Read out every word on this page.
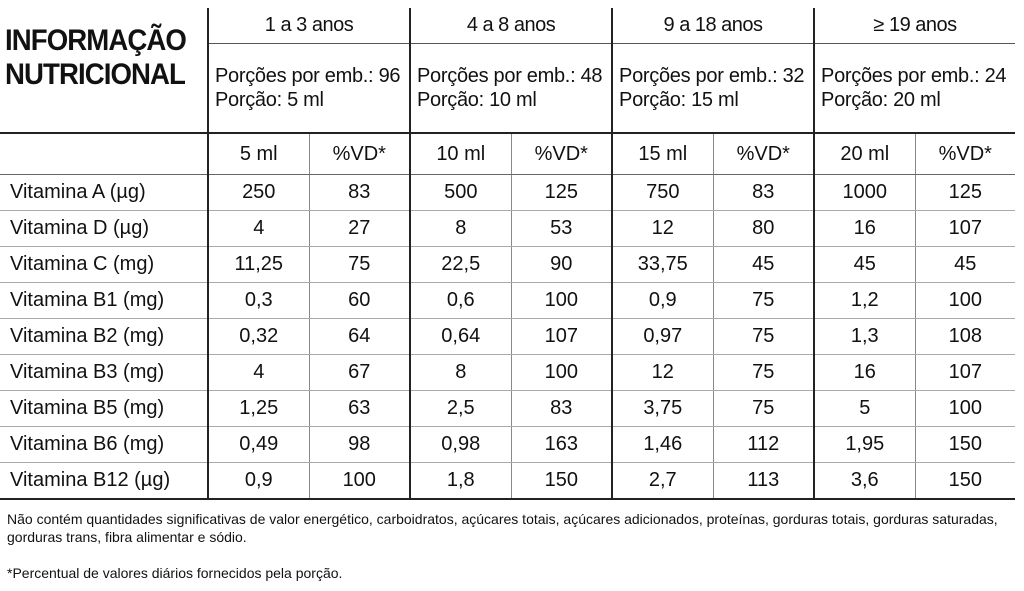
INFORMAÇÃO
NUTRICIONAL
	1 a 3 anos		4 a 8 anos		9 a 18 anos		≥ 19 anos	

	Porções por emb.: 96
Porção: 5 ml		Porções por emb.: 48
Porção: 10 ml		Porções por emb.: 32
Porção: 15 ml		Porções por emb.: 24
Porção: 20 ml	

	5 ml	%VD*	10 ml	%VD*	15 ml	%VD*	20 ml	%VD*
Vitamina A (µg)	250	83	500	125	750	83	1000	125
Vitamina D (µg)	4	27	8	53	12	80	16	107
Vitamina C (mg)	11,25	75	22,5	90	33,75	45	45	45
Vitamina B1 (mg)	0,3	60	0,6	100	0,9	75	1,2	100
Vitamina B2 (mg)	0,32	64	0,64	107	0,97	75	1,3	108
Vitamina B3 (mg)	4	67	8	100	12	75	16	107
Vitamina B5 (mg)	1,25	63	2,5	83	3,75	75	5	100
Vitamina B6 (mg)	0,49	98	0,98	163	1,46	112	1,95	150
Vitamina B12 (µg)	0,9	100	1,8	150	2,7	113	3,6	150
Não contém quantidades significativas de valor energético, carboidratos, açúcares totais, açúcares adicionados, proteínas, gorduras totais, gorduras saturadas, gorduras trans, fibra alimentar e sódio.
*Percentual de valores diários fornecidos pela porção.
